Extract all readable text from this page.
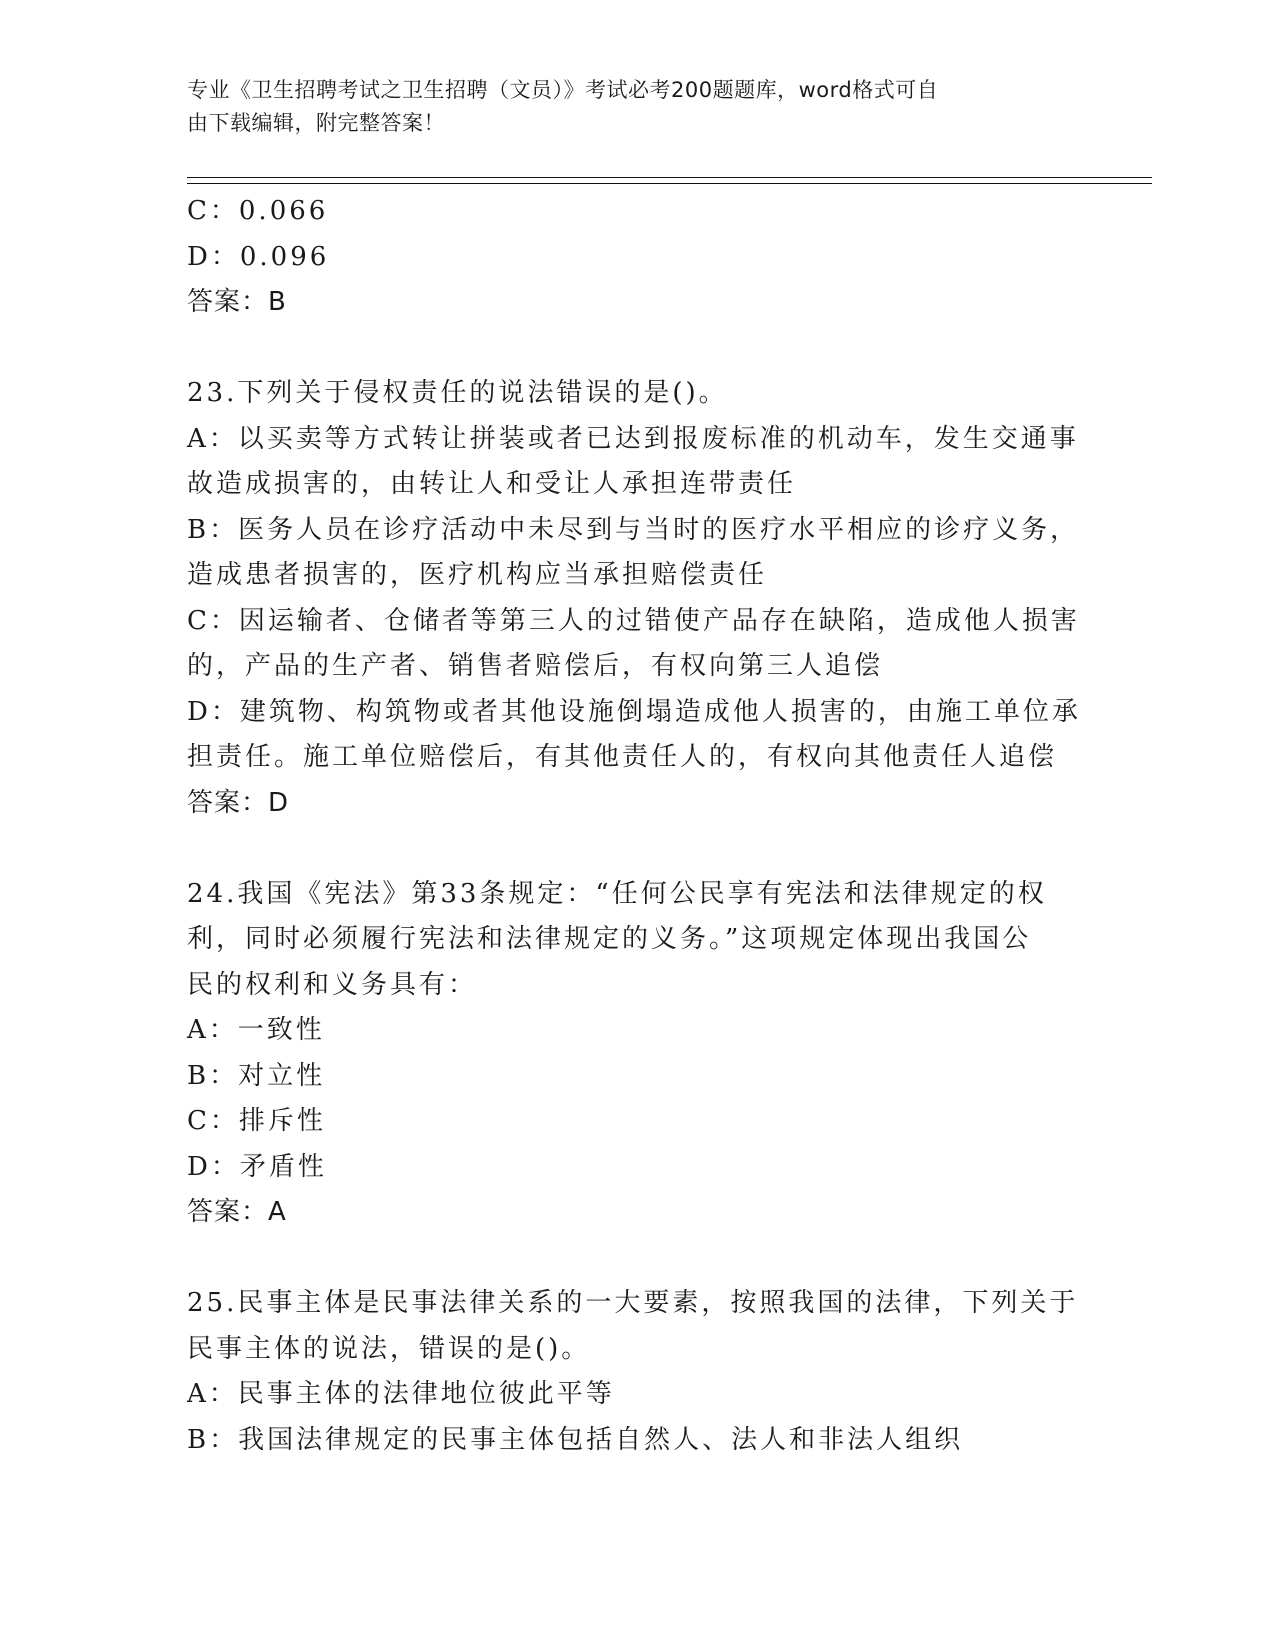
专业《卫生招聘考试之卫生招聘（文员）》考试必考200题题库，word格式可自
由下载编辑，附完整答案！
C：0.066
D：0.096
答案：B
23.下列关于侵权责任的说法错误的是()。
A：以买卖等方式转让拼装或者已达到报废标准的机动车，发生交通事
故造成损害的，由转让人和受让人承担连带责任
B：医务人员在诊疗活动中未尽到与当时的医疗水平相应的诊疗义务，
造成患者损害的，医疗机构应当承担赔偿责任
C：因运输者、仓储者等第三人的过错使产品存在缺陷，造成他人损害
的，产品的生产者、销售者赔偿后，有权向第三人追偿
D：建筑物、构筑物或者其他设施倒塌造成他人损害的，由施工单位承
担责任。施工单位赔偿后，有其他责任人的，有权向其他责任人追偿
答案：D
24.我国《宪法》第33条规定：“任何公民享有宪法和法律规定的权
利，同时必须履行宪法和法律规定的义务。”这项规定体现出我国公
民的权利和义务具有：
A：一致性
B：对立性
C：排斥性
D：矛盾性
答案：A
25.民事主体是民事法律关系的一大要素，按照我国的法律，下列关于
民事主体的说法，错误的是()。
A：民事主体的法律地位彼此平等
B：我国法律规定的民事主体包括自然人、法人和非法人组织
